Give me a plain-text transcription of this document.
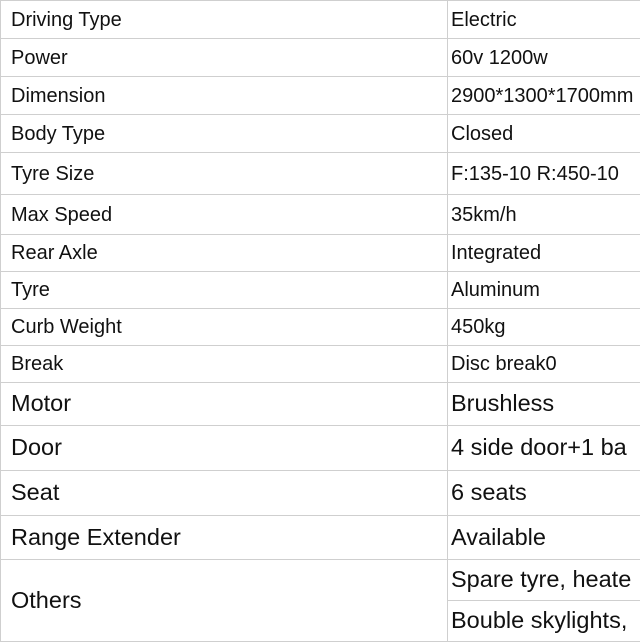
Driving Type	Electric
Power	60v 1200w
Dimension	2900*1300*1700mm
Body Type	Closed
Tyre Size	F:135-10 R:450-10
Max Speed	35km/h
Rear Axle	Integrated
Tyre	Aluminum
Curb Weight	450kg
Break	Disc break0
Motor	Brushless
Door	4 side door+1 ba
Seat	6 seats
Range Extender	Available
Others	Spare tyre, heate
	Bouble skylights,
